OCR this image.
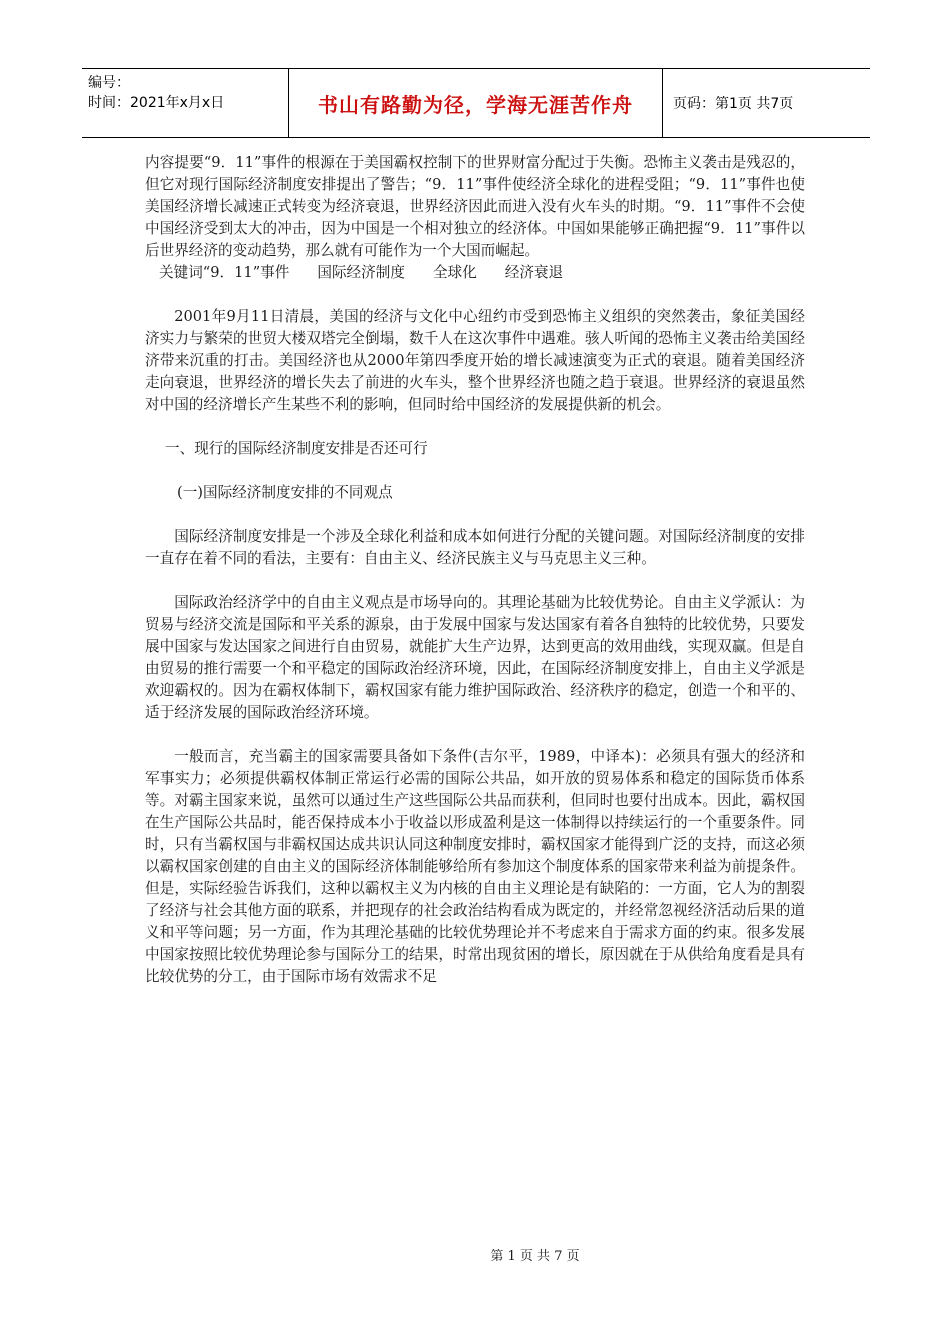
编号：
时间：2021年x月x日	书山有路勤为径，学海无涯苦作舟	页码：第1页 共7页

内容提要“9．11”事件的根源在于美国霸权控制下的世界财富分配过于失衡。恐怖主义袭击是残忍的，但它对现行国际经济制度安排提出了警告；“9．11”事件使经济全球化的进程受阻；“9．11”事件也使美国经济增长减速正式转变为经济衰退，世界经济因此而进入没有火车头的时期。“9．11”事件不会使中国经济受到太大的冲击，因为中国是一个相对独立的经济体。中国如果能够正确把握“9．11”事件以后世界经济的变动趋势，那么就有可能作为一个大国而崛起。

关键词“9．11”事件 国际经济制度 全球化 经济衰退

2001年9月11日清晨，美国的经济与文化中心纽约市受到恐怖主义组织的突然袭击，象征美国经济实力与繁荣的世贸大楼双塔完全倒塌，数千人在这次事件中遇难。骇人听闻的恐怖主义袭击给美国经济带来沉重的打击。美国经济也从2000年第四季度开始的增长减速演变为正式的衰退。随着美国经济走向衰退，世界经济的增长失去了前进的火车头，整个世界经济也随之趋于衰退。世界经济的衰退虽然对中国的经济增长产生某些不利的影响，但同时给中国经济的发展提供新的机会。

一、现行的国际经济制度安排是否还可行

(一)国际经济制度安排的不同观点

国际经济制度安排是一个涉及全球化利益和成本如何进行分配的关键问题。对国际经济制度的安排一直存在着不同的看法，主要有：自由主义、经济民族主义与马克思主义三种。

国际政治经济学中的自由主义观点是市场导向的。其理论基础为比较优势论。自由主义学派认：为贸易与经济交流是国际和平关系的源泉，由于发展中国家与发达国家有着各自独特的比较优势，只要发展中国家与发达国家之间进行自由贸易，就能扩大生产边界，达到更高的效用曲线，实现双赢。但是自由贸易的推行需要一个和平稳定的国际政治经济环境，因此，在国际经济制度安排上，自由主义学派是欢迎霸权的。因为在霸权体制下，霸权国家有能力维护国际政治、经济秩序的稳定，创造一个和平的、适于经济发展的国际政治经济环境。

一般而言，充当霸主的国家需要具备如下条件(吉尔平，1989，中译本)：必须具有强大的经济和军事实力；必须提供霸权体制正常运行必需的国际公共品，如开放的贸易体系和稳定的国际货币体系等。对霸主国家来说，虽然可以通过生产这些国际公共品而获利，但同时也要付出成本。因此，霸权国在生产国际公共品时，能否保持成本小于收益以形成盈利是这一体制得以持续运行的一个重要条件。同时，只有当霸权国与非霸权国达成共识认同这种制度安排时，霸权国家才能得到广泛的支持，而这必须以霸权国家创建的自由主义的国际经济体制能够给所有参加这个制度体系的国家带来利益为前提条件。但是，实际经验告诉我们，这种以霸权主义为内核的自由主义理论是有缺陷的：一方面，它人为的割裂了经济与社会其他方面的联系，并把现存的社会政治结构看成为既定的，并经常忽视经济活动后果的道义和平等问题；另一方面，作为其理沦基础的比较优势理论并不考虑来自于需求方面的约束。很多发展中国家按照比较优势理论参与国际分工的结果，时常出现贫困的增长，原因就在于从供给角度看是具有比较优势的分工，由于国际市场有效需求不足

第 1 页 共 7 页
